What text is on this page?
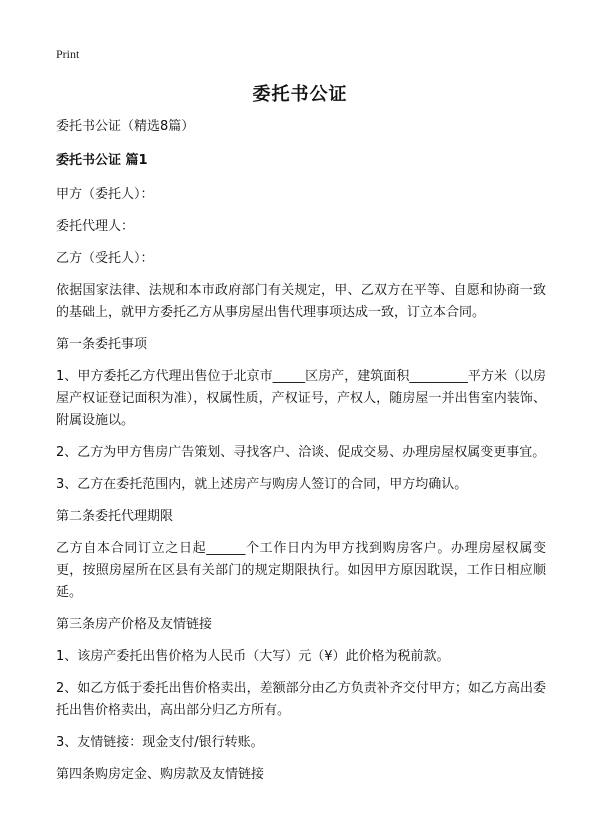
Print
委托书公证
委托书公证（精选8篇）
委托书公证 篇1

甲方（委托人）：

委托代理人：

乙方（受托人）：

依据国家法律、法规和本市政府部门有关规定，甲、乙双方在平等、自愿和协商一致的基础上，就甲方委托乙方从事房屋出售代理事项达成一致，订立本合同。

第一条委托事项

1、甲方委托乙方代理出售位于北京市_____区房产，建筑面积_________平方米（以房屋产权证登记面积为准），权属性质，产权证号，产权人，随房屋一并出售室内装饰、附属设施以。

2、乙方为甲方售房广告策划、寻找客户、洽谈、促成交易、办理房屋权属变更事宜。

3、乙方在委托范围内，就上述房产与购房人签订的合同，甲方均确认。

第二条委托代理期限

乙方自本合同订立之日起______个工作日内为甲方找到购房客户。办理房屋权属变更，按照房屋所在区县有关部门的规定期限执行。如因甲方原因耽误，工作日相应顺延。

第三条房产价格及友情链接

1、该房产委托出售价格为人民币（大写）元（¥）此价格为税前款。

2、如乙方低于委托出售价格卖出，差额部分由乙方负责补齐交付甲方；如乙方高出委托出售价格卖出，高出部分归乙方所有。

3、友情链接：现金支付/银行转账。

第四条购房定金、购房款及友情链接
